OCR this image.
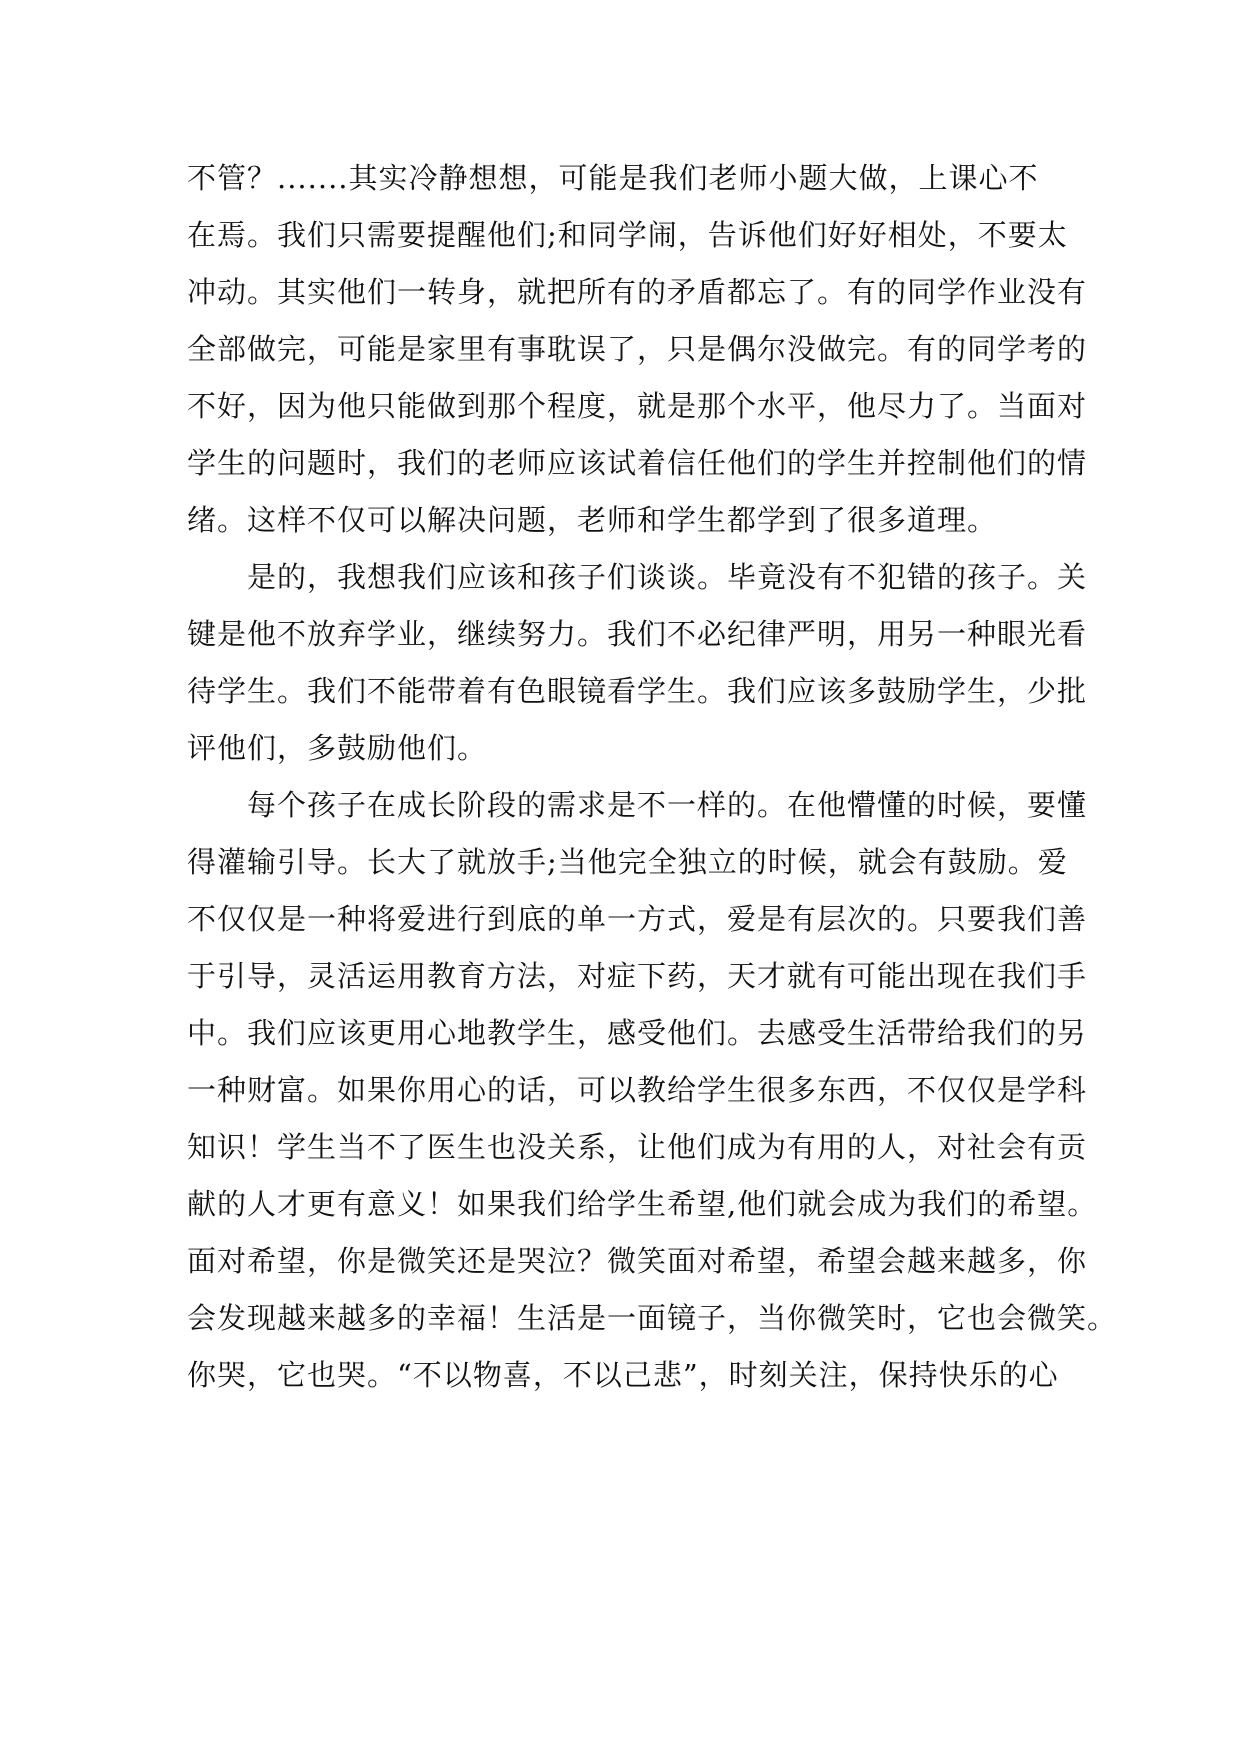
不管？.......其实冷静想想，可能是我们老师小题大做，上课心不
在焉。我们只需要提醒他们;和同学闹，告诉他们好好相处，不要太
冲动。其实他们一转身，就把所有的矛盾都忘了。有的同学作业没有
全部做完，可能是家里有事耽误了，只是偶尔没做完。有的同学考的
不好，因为他只能做到那个程度，就是那个水平，他尽力了。当面对
学生的问题时，我们的老师应该试着信任他们的学生并控制他们的情
绪。这样不仅可以解决问题，老师和学生都学到了很多道理。
是的，我想我们应该和孩子们谈谈。毕竟没有不犯错的孩子。关
键是他不放弃学业，继续努力。我们不必纪律严明，用另一种眼光看
待学生。我们不能带着有色眼镜看学生。我们应该多鼓励学生，少批
评他们，多鼓励他们。
每个孩子在成长阶段的需求是不一样的。在他懵懂的时候，要懂
得灌输引导。长大了就放手;当他完全独立的时候，就会有鼓励。爱
不仅仅是一种将爱进行到底的单一方式，爱是有层次的。只要我们善
于引导，灵活运用教育方法，对症下药，天才就有可能出现在我们手
中。我们应该更用心地教学生，感受他们。去感受生活带给我们的另
一种财富。如果你用心的话，可以教给学生很多东西，不仅仅是学科
知识！学生当不了医生也没关系，让他们成为有用的人，对社会有贡
献的人才更有意义！如果我们给学生希望,他们就会成为我们的希望。
面对希望，你是微笑还是哭泣？微笑面对希望，希望会越来越多，你
会发现越来越多的幸福！生活是一面镜子，当你微笑时，它也会微笑。
你哭，它也哭。“不以物喜，不以己悲”，时刻关注，保持快乐的心
